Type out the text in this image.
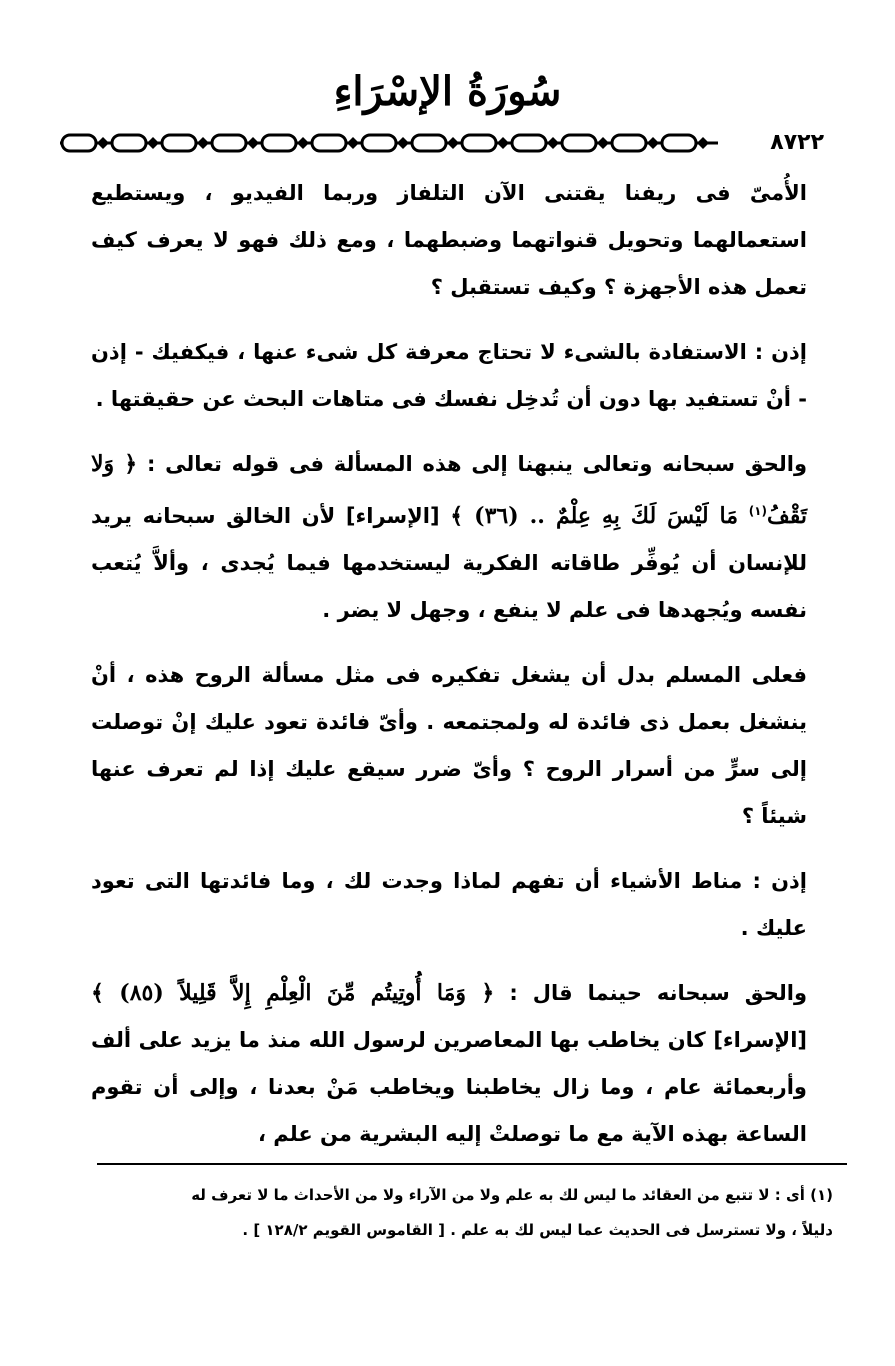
سُورَةُ الإسْرَاءِ
٨٧٢٢

الأُمىّ فى ريفنا يقتنى الآن التلفاز وربما الفيديو ، ويستطيع استعمالهما وتحويل قنواتهما وضبطهما ، ومع ذلك فهو لا يعرف كيف تعمل هذه الأجهزة ؟ وكيف تستقبل ؟

إذن : الاستفادة بالشىء لا تحتاج معرفة كل شىء عنها ، فيكفيك - إذن - أنْ تستفيد بها دون أن تُدخِل نفسك فى متاهات البحث عن حقيقتها .

والحق سبحانه وتعالى ينبهنا إلى هذه المسألة فى قوله تعالى : ﴿ وَلا تَقْفُ$^{(١)}$ مَا لَيْسَ لَكَ بِهِ عِلْمٌ .. (٣٦) ﴾ [الإسراء] لأن الخالق سبحانه يريد للإنسان أن يُوفِّر طاقاته الفكرية ليستخدمها فيما يُجدى ، وألاَّ يُتعب نفسه ويُجهدها فى علم لا ينفع ، وجهل لا يضر .

فعلى المسلم بدل أن يشغل تفكيره فى مثل مسألة الروح هذه ، أنْ ينشغل بعمل ذى فائدة له ولمجتمعه . وأىّ فائدة تعود عليك إنْ توصلت إلى سرٍّ من أسرار الروح ؟ وأىّ ضرر سيقع عليك إذا لم تعرف عنها شيئاً ؟

إذن : مناط الأشياء أن تفهم لماذا وجدت لك ، وما فائدتها التى تعود عليك .

والحق سبحانه حينما قال : ﴿ وَمَا أُوتِيتُم مِّنَ الْعِلْمِ إِلاَّ قَلِيلاً (٨٥) ﴾ [الإسراء] كان يخاطب بها المعاصرين لرسول الله منذ ما يزيد على ألف وأربعمائة عام ، وما زال يخاطبنا ويخاطب مَنْ بعدنا ، وإلى أن تقوم الساعة بهذه الآية مع ما توصلتْ إليه البشرية من علم ،

(١) أى : لا تتبع من العقائد ما ليس لك به علم ولا من الآراء ولا من الأحداث ما لا تعرف له

دليلاً ، ولا تسترسل فى الحديث عما ليس لك به علم . [ القاموس القويم ١٢٨/٢ ] .
